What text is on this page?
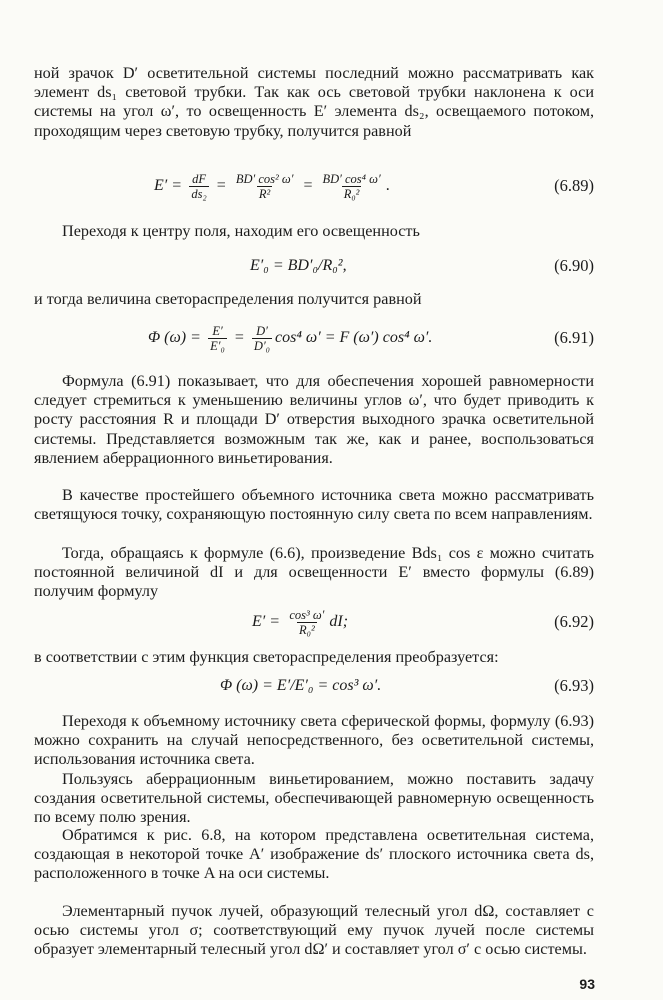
ной зрачок D′ осветительной системы последний можно рассматривать как элемент ds₁ световой трубки. Так как ось световой трубки наклонена к оси системы на угол ω′, то освещенность E′ элемента ds₂, освещаемого потоком, проходящим через световую трубку, получится равной

$E' = \frac{dF}{\text{ds₂}} = \frac{\text{BD′ cos² ω′}}{\text{R²}} = \frac{\text{BD′ cos⁴ ω′}}{\text{R₀²}}$ .	(6.89)

Переходя к центру поля, находим его освещенность

E′₀ = BD′₀/R₀²,	(6.90)

и тогда величина светораспределения получится равной

Φ $(\omega) = \frac{E'}{\text{E′₀}} = \frac{D'}{\text{D′₀}} \cos^4$ ω′ = F (ω′) cos⁴ ω′.	(6.91)

Формула (6.91) показывает, что для обеспечения хорошей равномерности следует стремиться к уменьшению величины углов ω′, что будет приводить к росту расстояния R и площади D′ отверстия выходного зрачка осветительной системы. Представляется возможным так же, как и ранее, воспользоваться явлением аберрационного виньетирования.

В качестве простейшего объемного источника света можно рассматривать светящуюся точку, сохраняющую постоянную силу света по всем направлениям.

Тогда, обращаясь к формуле (6.6), произведение Bds₁ cos ε можно считать постоянной величиной dI и для освещенности E′ вместо формулы (6.89) получим формулу

$E' = \frac{\text{cos³ ω′}}{\text{R₀²}}$ dI;	(6.92)

в соответствии с этим функция светораспределения преобразуется:

Φ (ω) = E′/E′₀ = cos³ ω′.	(6.93)

Переходя к объемному источнику света сферической формы, формулу (6.93) можно сохранить на случай непосредственного, без осветительной системы, использования источника света.

Пользуясь аберрационным виньетированием, можно поставить задачу создания осветительной системы, обеспечивающей равномерную освещенность по всему полю зрения.

Обратимся к рис. 6.8, на котором представлена осветительная система, создающая в некоторой точке A′ изображение ds′ плоского источника света ds, расположенного в точке A на оси системы.

Элементарный пучок лучей, образующий телесный угол dΩ, составляет с осью системы угол σ; соответствующий ему пучок лучей после системы образует элементарный телесный угол dΩ′ и составляет угол σ′ с осью системы.

93
